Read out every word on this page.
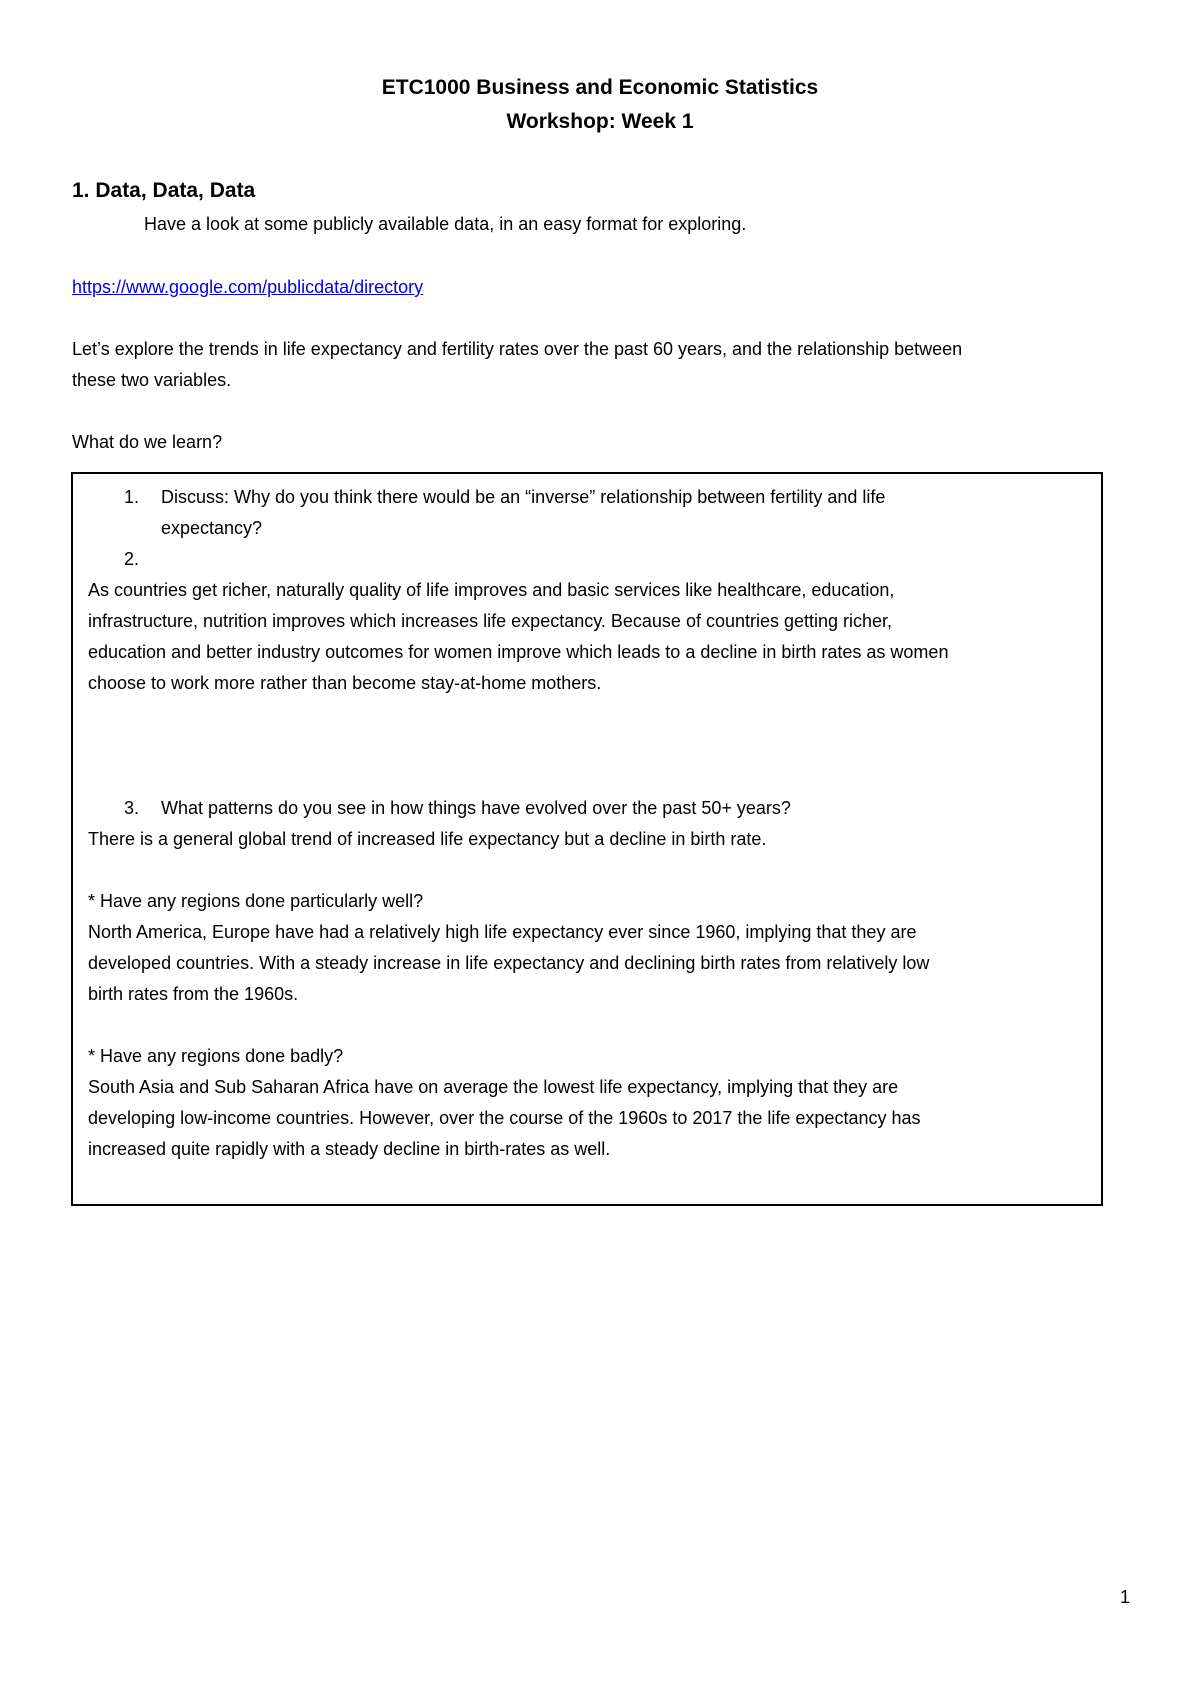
ETC1000 Business and Economic Statistics
Workshop: Week 1
1. Data, Data, Data
Have a look at some publicly available data, in an easy format for exploring.
https://www.google.com/publicdata/directory
Let’s explore the trends in life expectancy and fertility rates over the past 60 years, and the relationship between
these two variables.
What do we learn?
1. Discuss: Why do you think there would be an “inverse” relationship between fertility and life
expectancy?
2.
As countries get richer, naturally quality of life improves and basic services like healthcare, education,
infrastructure, nutrition improves which increases life expectancy. Because of countries getting richer,
education and better industry outcomes for women improve which leads to a decline in birth rates as women
choose to work more rather than become stay-at-home mothers.
3. What patterns do you see in how things have evolved over the past 50+ years?
There is a general global trend of increased life expectancy but a decline in birth rate.
* Have any regions done particularly well?
North America, Europe have had a relatively high life expectancy ever since 1960, implying that they are
developed countries. With a steady increase in life expectancy and declining birth rates from relatively low
birth rates from the 1960s.
* Have any regions done badly?
South Asia and Sub Saharan Africa have on average the lowest life expectancy, implying that they are
developing low-income countries. However, over the course of the 1960s to 2017 the life expectancy has
increased quite rapidly with a steady decline in birth-rates as well.
1
